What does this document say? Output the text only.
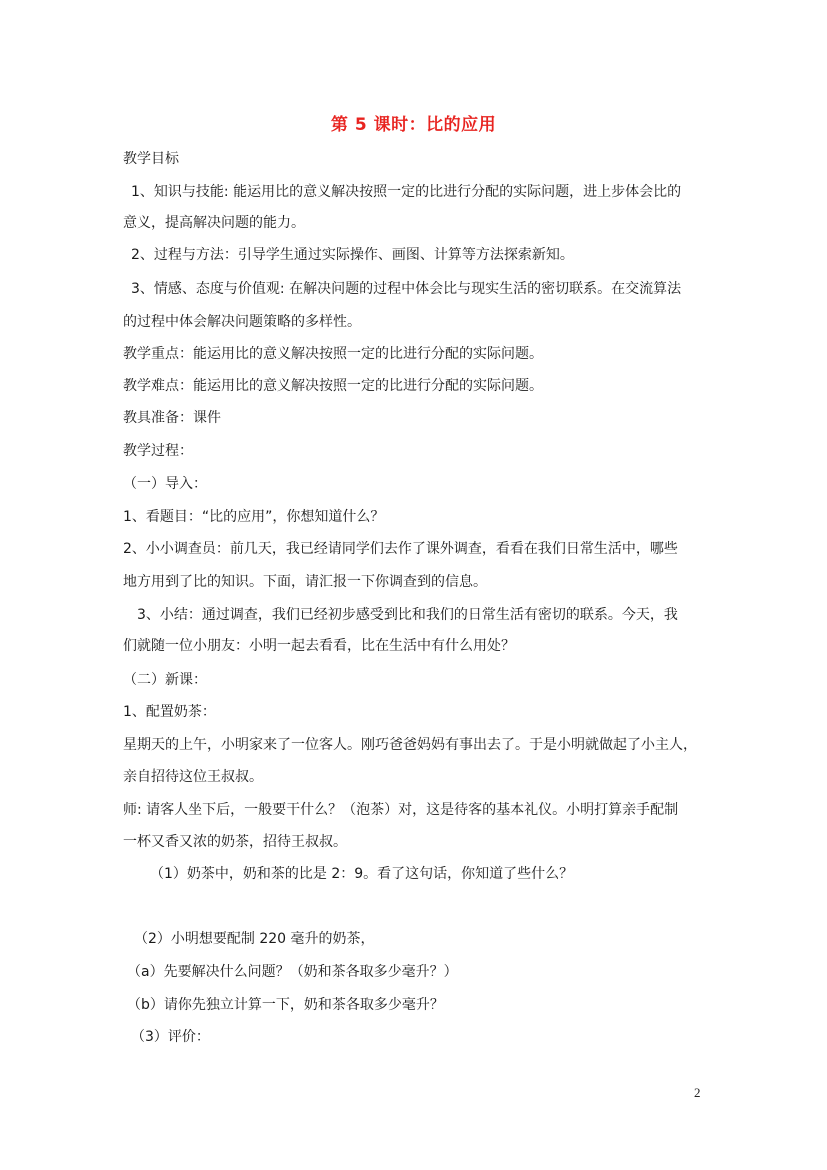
第 5 课时：比的应用
教学目标
1、知识与技能: 能运用比的意义解决按照一定的比进行分配的实际问题，进上步体会比的
意义，提高解决问题的能力。
2、过程与方法：引导学生通过实际操作、画图、计算等方法探索新知。
3、情感、态度与价值观: 在解决问题的过程中体会比与现实生活的密切联系。在交流算法
的过程中体会解决问题策略的多样性。
教学重点：能运用比的意义解决按照一定的比进行分配的实际问题。
教学难点：能运用比的意义解决按照一定的比进行分配的实际问题。
教具准备：课件
教学过程：
（一）导入：
1、看题目：“比的应用”，你想知道什么？
2、小小调查员：前几天，我已经请同学们去作了课外调查，看看在我们日常生活中，哪些
地方用到了比的知识。下面，请汇报一下你调查到的信息。
3、小结：通过调查，我们已经初步感受到比和我们的日常生活有密切的联系。今天，我
们就随一位小朋友：小明一起去看看，比在生活中有什么用处？
（二）新课：
1、配置奶茶：
星期天的上午，小明家来了一位客人。刚巧爸爸妈妈有事出去了。于是小明就做起了小主人，
亲自招待这位王叔叔。
师: 请客人坐下后，一般要干什么？（泡茶）对，这是待客的基本礼仪。小明打算亲手配制
一杯又香又浓的奶茶，招待王叔叔。
（1）奶茶中，奶和茶的比是 2：9。看了这句话，你知道了些什么？
（2）小明想要配制 220 毫升的奶茶，
（a）先要解决什么问题？（奶和茶各取多少毫升？）
（b）请你先独立计算一下，奶和茶各取多少毫升？
（3）评价：
2
